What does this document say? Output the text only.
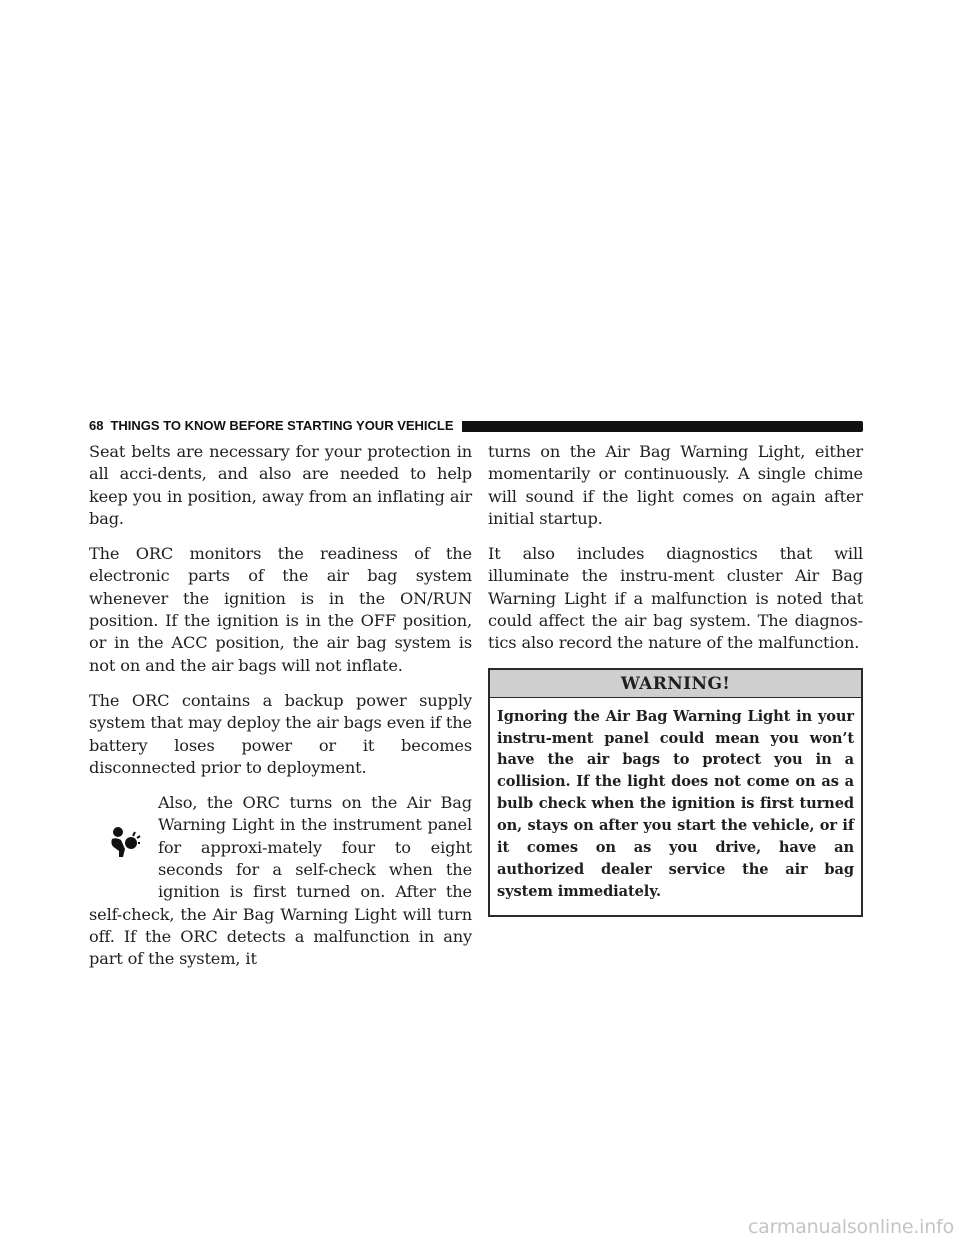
68 THINGS TO KNOW BEFORE STARTING YOUR VEHICLE

Seat belts are necessary for your protection in all acci-dents, and also are needed to help keep you in position, away from an inflating air bag.

The ORC monitors the readiness of the electronic parts of the air bag system whenever the ignition is in the ON/RUN position. If the ignition is in the OFF position, or in the ACC position, the air bag system is not on and the air bags will not inflate.

The ORC contains a backup power supply system that may deploy the air bags even if the battery loses power or it becomes disconnected prior to deployment.

Also, the ORC turns on the Air Bag Warning Light in the instrument panel for approxi-mately four to eight seconds for a self-check when the ignition is first turned on. After the self-check, the Air Bag Warning Light will turn off. If the ORC detects a malfunction in any part of the system, it

turns on the Air Bag Warning Light, either momentarily or continuously. A single chime will sound if the light comes on again after initial startup.

It also includes diagnostics that will illuminate the instru-ment cluster Air Bag Warning Light if a malfunction is noted that could affect the air bag system. The diagnos-tics also record the nature of the malfunction.

WARNING!

Ignoring the Air Bag Warning Light in your instru-ment panel could mean you won’t have the air bags to protect you in a collision. If the light does not come on as a bulb check when the ignition is first turned on, stays on after you start the vehicle, or if it comes on as you drive, have an authorized dealer service the air bag system immediately.

carmanualsonline.info
